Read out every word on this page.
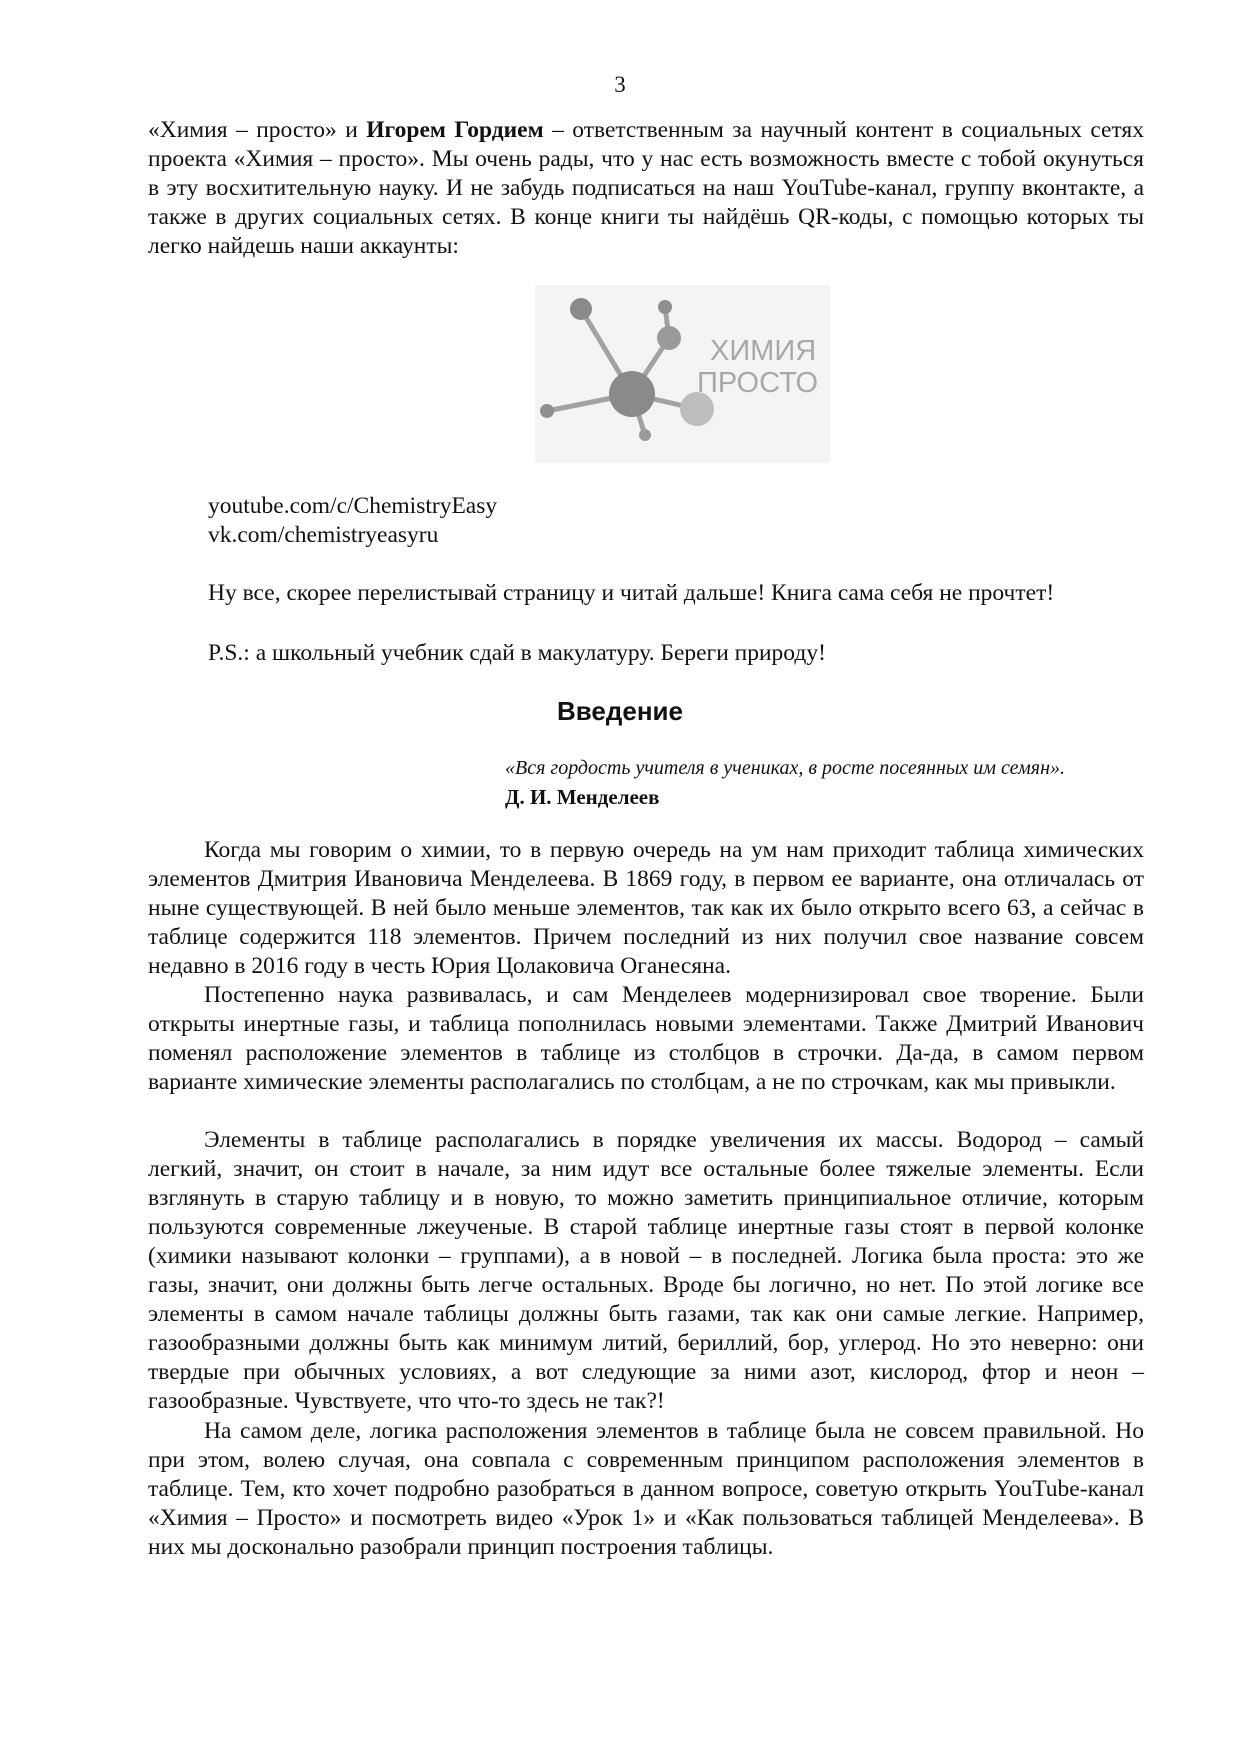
3

«Химия – просто» и Игорем Гордием – ответственным за научный контент в социальных сетях проекта «Химия – просто». Мы очень рады, что у нас есть возможность вместе с тобой окунуться в эту восхитительную науку. И не забудь подписаться на наш YouTube-канал, группу вконтакте, а также в других социальных сетях. В конце книги ты найдёшь QR-коды, с помощью которых ты легко найдешь наши аккаунты:

ХИМИЯ
ПРОСТО

youtube.com/c/ChemistryEasy

vk.com/chemistryeasyru

Ну все, скорее перелистывай страницу и читай дальше! Книга сама себя не прочтет!

P.S.: а школьный учебник сдай в макулатуру. Береги природу!

Введение

«Вся гордость учителя в учениках, в росте посеянных им семян».

Д. И. Менделеев

Когда мы говорим о химии, то в первую очередь на ум нам приходит таблица химических элементов Дмитрия Ивановича Менделеева. В 1869 году, в первом ее варианте, она отличалась от ныне существующей. В ней было меньше элементов, так как их было открыто всего 63, а сейчас в таблице содержится 118 элементов. Причем последний из них получил свое название совсем недавно в 2016 году в честь Юрия Цолаковича Оганесяна.

Постепенно наука развивалась, и сам Менделеев модернизировал свое творение. Были открыты инертные газы, и таблица пополнилась новыми элементами. Также Дмитрий Иванович поменял расположение элементов в таблице из столбцов в строчки. Да-да, в самом первом варианте химические элементы располагались по столбцам, а не по строчкам, как мы привыкли.

Элементы в таблице располагались в порядке увеличения их массы. Водород – самый легкий, значит, он стоит в начале, за ним идут все остальные более тяжелые элементы. Если взглянуть в старую таблицу и в новую, то можно заметить принципиальное отличие, которым пользуются современные лжеученые. В старой таблице инертные газы стоят в первой колонке (химики называют колонки – группами), а в новой – в последней. Логика была проста: это же газы, значит, они должны быть легче остальных. Вроде бы логично, но нет. По этой логике все элементы в самом начале таблицы должны быть газами, так как они самые легкие. Например, газообразными должны быть как минимум литий, бериллий, бор, углерод. Но это неверно: они твердые при обычных условиях, а вот следующие за ними азот, кислород, фтор и неон – газообразные. Чувствуете, что что-то здесь не так?!

На самом деле, логика расположения элементов в таблице была не совсем правильной. Но при этом, волею случая, она совпала с современным принципом расположения элементов в таблице. Тем, кто хочет подробно разобраться в данном вопросе, советую открыть YouTube-канал «Химия – Просто» и посмотреть видео «Урок 1» и «Как пользоваться таблицей Менделеева». В них мы досконально разобрали принцип построения таблицы.
